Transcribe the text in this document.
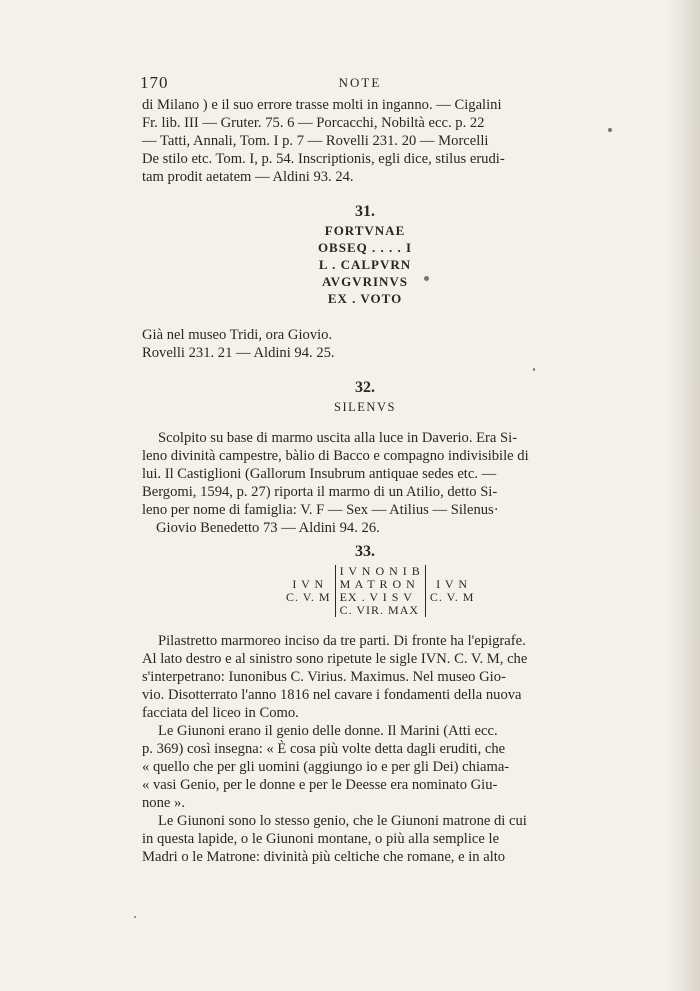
170	NOTE

di Milano ) e il suo errore trasse molti in inganno. — Cigalini

Fr. lib. III — Gruter. 75. 6 — Porcacchi, Nobiltà ecc. p. 22

— Tatti, Annali, Tom. I p. 7 — Rovelli 231. 20 — Morcelli

De stilo etc. Tom. I, p. 54. Inscriptionis, egli dice, stilus erudi-

tam prodit aetatem — Aldini 93. 24.

31.
FORTVNAE
OBSEQ . . . . I
L . CALPVRN
AVGVRINVS
EX . VOTO

Già nel museo Tridi, ora Giovio.

Rovelli 231. 21 — Aldini 94. 25.

32.
SILENVS

Scolpito su base di marmo uscita alla luce in Daverio. Era Si-

leno divinità campestre, bàlio di Bacco e compagno indivisibile di

lui. Il Castiglioni (Gallorum Insubrum antiquae sedes etc. —

Bergomi, 1594, p. 27) riporta il marmo di un Atilio, detto Si-

leno per nome di famiglia: V. F — Sex — Atilius — Silenus·

Giovio Benedetto 73 — Aldini 94. 26.

33.
I V N
C. V. M

I V N O N I B
M A T R O N
EX . V I S V
C. VIR. MAX

I V N
C. V. M

Pilastretto marmoreo inciso da tre parti. Di fronte ha l'epigrafe.

Al lato destro e al sinistro sono ripetute le sigle IVN. C. V. M, che

s'interpetrano: Iunonibus C. Virius. Maximus. Nel museo Gio-

vio. Disotterrato l'anno 1816 nel cavare i fondamenti della nuova

facciata del liceo in Como.

Le Giunoni erano il genio delle donne. Il Marini (Atti ecc.

p. 369) così insegna: « È cosa più volte detta dagli eruditi, che

« quello che per gli uomini (aggiungo io e per gli Dei) chiama-

« vasi Genio, per le donne e per le Deesse era nominato Giu-

none ».

Le Giunoni sono lo stesso genio, che le Giunoni matrone di cui

in questa lapide, o le Giunoni montane, o più alla semplice le

Madri o le Matrone: divinità più celtiche che romane, e in alto
